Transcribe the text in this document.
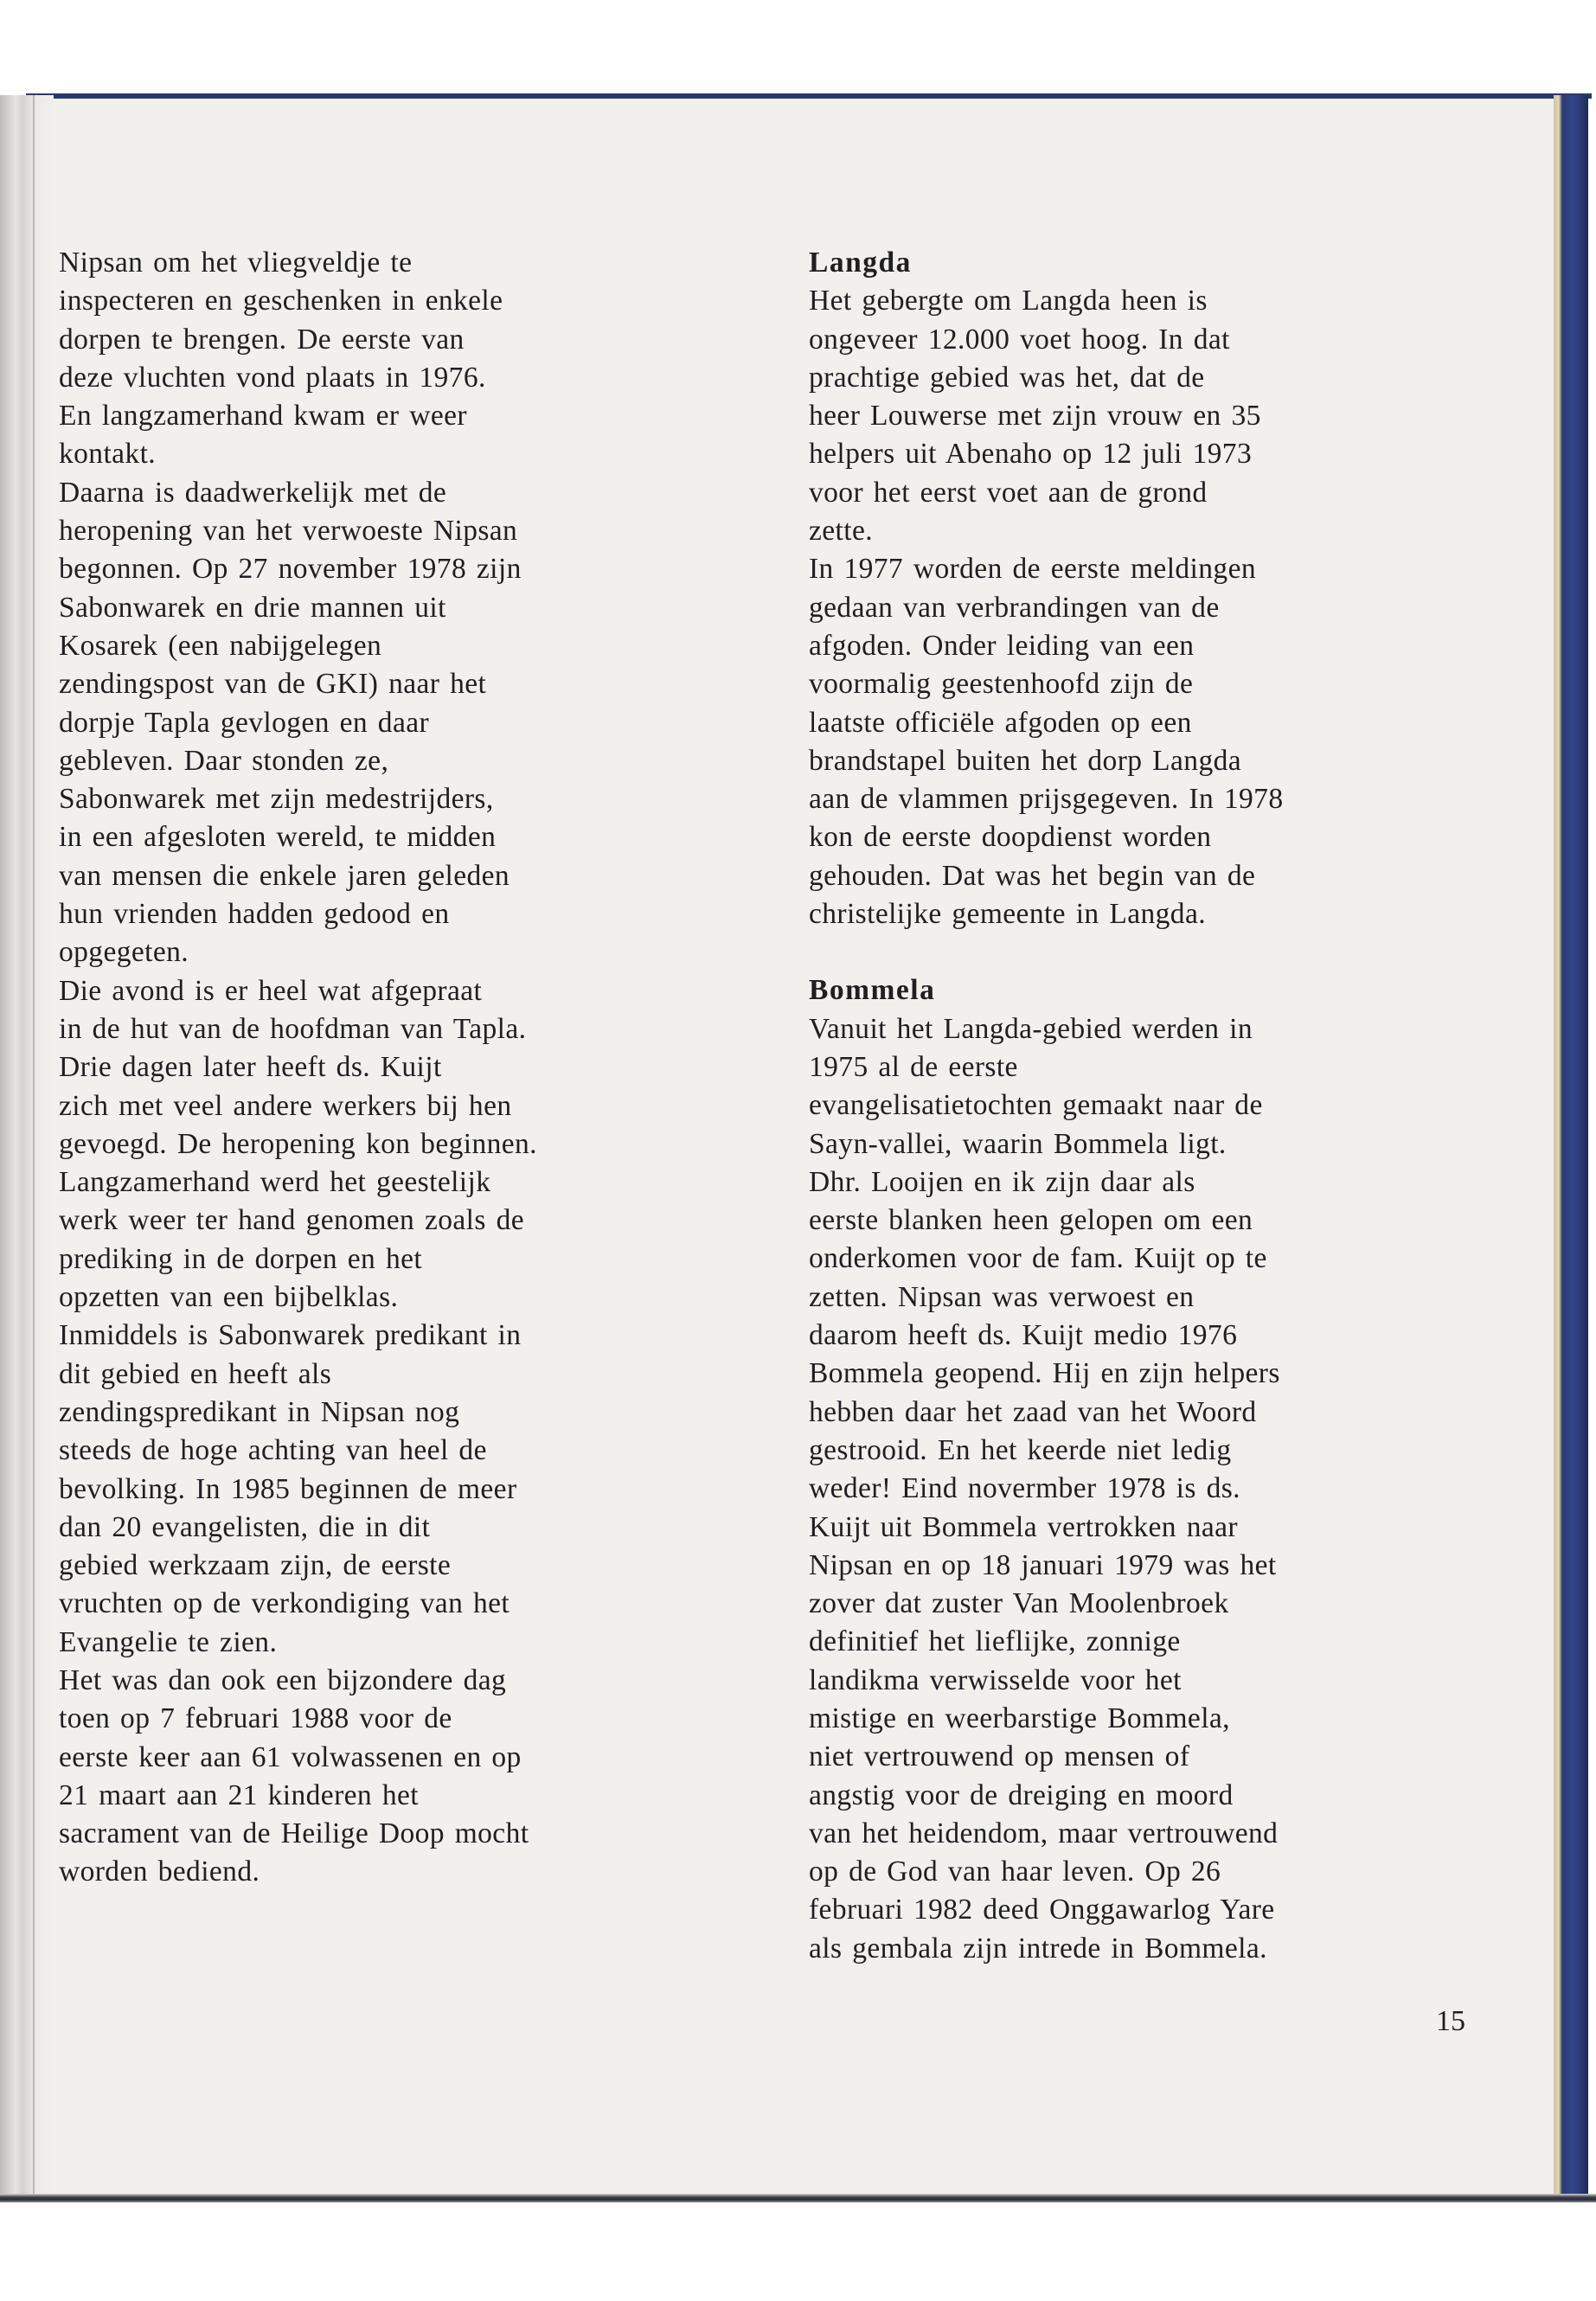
Nipsan om het vliegveldje te
inspecteren en geschenken in enkele
dorpen te brengen. De eerste van
deze vluchten vond plaats in 1976.
En langzamerhand kwam er weer
kontakt.
Daarna is daadwerkelijk met de
heropening van het verwoeste Nipsan
begonnen. Op 27 november 1978 zijn
Sabonwarek en drie mannen uit
Kosarek (een nabijgelegen
zendingspost van de GKI) naar het
dorpje Tapla gevlogen en daar
gebleven. Daar stonden ze,
Sabonwarek met zijn medestrijders,
in een afgesloten wereld, te midden
van mensen die enkele jaren geleden
hun vrienden hadden gedood en
opgegeten.
Die avond is er heel wat afgepraat
in de hut van de hoofdman van Tapla.
Drie dagen later heeft ds. Kuijt
zich met veel andere werkers bij hen
gevoegd. De heropening kon beginnen.
Langzamerhand werd het geestelijk
werk weer ter hand genomen zoals de
prediking in de dorpen en het
opzetten van een bijbelklas.
Inmiddels is Sabonwarek predikant in
dit gebied en heeft als
zendingspredikant in Nipsan nog
steeds de hoge achting van heel de
bevolking. In 1985 beginnen de meer
dan 20 evangelisten, die in dit
gebied werkzaam zijn, de eerste
vruchten op de verkondiging van het
Evangelie te zien.
Het was dan ook een bijzondere dag
toen op 7 februari 1988 voor de
eerste keer aan 61 volwassenen en op
21 maart aan 21 kinderen het
sacrament van de Heilige Doop mocht
worden bediend.
Langda
Het gebergte om Langda heen is
ongeveer 12.000 voet hoog. In dat
prachtige gebied was het, dat de
heer Louwerse met zijn vrouw en 35
helpers uit Abenaho op 12 juli 1973
voor het eerst voet aan de grond
zette.
In 1977 worden de eerste meldingen
gedaan van verbrandingen van de
afgoden. Onder leiding van een
voormalig geestenhoofd zijn de
laatste officiële afgoden op een
brandstapel buiten het dorp Langda
aan de vlammen prijsgegeven. In 1978
kon de eerste doopdienst worden
gehouden. Dat was het begin van de
christelijke gemeente in Langda.
Bommela
Vanuit het Langda-gebied werden in
1975 al de eerste
evangelisatietochten gemaakt naar de
Sayn-vallei, waarin Bommela ligt.
Dhr. Looijen en ik zijn daar als
eerste blanken heen gelopen om een
onderkomen voor de fam. Kuijt op te
zetten. Nipsan was verwoest en
daarom heeft ds. Kuijt medio 1976
Bommela geopend. Hij en zijn helpers
hebben daar het zaad van het Woord
gestrooid. En het keerde niet ledig
weder! Eind novermber 1978 is ds.
Kuijt uit Bommela vertrokken naar
Nipsan en op 18 januari 1979 was het
zover dat zuster Van Moolenbroek
definitief het lieflijke, zonnige
landikma verwisselde voor het
mistige en weerbarstige Bommela,
niet vertrouwend op mensen of
angstig voor de dreiging en moord
van het heidendom, maar vertrouwend
op de God van haar leven. Op 26
februari 1982 deed Onggawarlog Yare
als gembala zijn intrede in Bommela.
15
